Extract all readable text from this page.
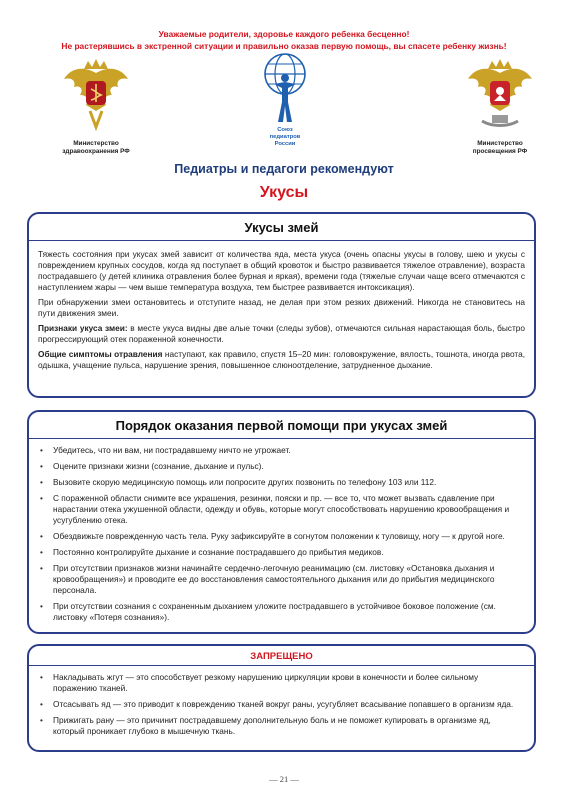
Уважаемые родители, здоровье каждого ребенка бесценно!
Не растерявшись в экстренной ситуации и правильно оказав первую помощь, вы спасете ребенку жизнь!
Министерство
здравоохранения РФ
Союз
педиатров
России	Министерство
просвещения РФ
Педиатры и педагоги рекомендуют
Укусы
Укусы змей

Тяжесть состояния при укусах змей зависит от количества яда, места укуса (очень опасны укусы в голову, шею и укусы с повреждением крупных сосудов, когда яд поступает в общий кровоток и быстро развивается тяжелое отравление), возраста пострадавшего (у детей клиника отравления более бурная и яркая), времени года (тяжелые случаи чаще всего отмечаются с наступлением жары — чем выше температура воздуха, тем быстрее развивается интоксикация).

При обнаружении змеи остановитесь и отступите назад, не делая при этом резких движений. Никогда не становитесь на пути движения змеи.

Признаки укуса змеи: в месте укуса видны две алые точки (следы зубов), отмечаются сильная нарастающая боль, быстро прогрессирующий отек пораженной конечности.

Общие симптомы отравления наступают, как правило, спустя 15–20 мин: головокружение, вялость, тошнота, иногда рвота, одышка, учащение пульса, нарушение зрения, повышенное слюноотделение, затрудненное дыхание.

Порядок оказания первой помощи при укусах змей
• Убедитесь, что ни вам, ни пострадавшему ничто не угрожает.
• Оцените признаки жизни (сознание, дыхание и пульс).
• Вызовите скорую медицинскую помощь или попросите других позвонить по телефону 103 или 112.
• С пораженной области снимите все украшения, резинки, пояски и пр. — все то, что может вызвать сдавление при нарастании отека ужушенной области, одежду и обувь, которые могут способствовать нарушению кровообращения и усугублению отека.
• Обездвижьте поврежденную часть тела. Руку зафиксируйте в согнутом положении к туловищу, ногу — к другой ноге.
• Постоянно контролируйте дыхание и сознание пострадавшего до прибытия медиков.
• При отсутствии признаков жизни начинайте сердечно-легочную реанимацию (см. листовку «Остановка дыхания и кровообращения») и проводите ее до восстановления самостоятельного дыхания или до прибытия медицинского персонала.
• При отсутствии сознания с сохраненным дыханием уложите пострадавшего в устойчивое боковое положение (см. листовку «Потеря сознания»).
ЗАПРЕЩЕНО
• Накладывать жгут — это способствует резкому нарушению циркуляции крови в конечности и более сильному поражению тканей.
• Отсасывать яд — это приводит к повреждению тканей вокруг раны, усугубляет всасывание попавшего в организм яда.
• Прижигать рану — это причинит пострадавшему дополнительную боль и не поможет купировать в организме яд, который проникает глубоко в мышечную ткань.
— 21 —
